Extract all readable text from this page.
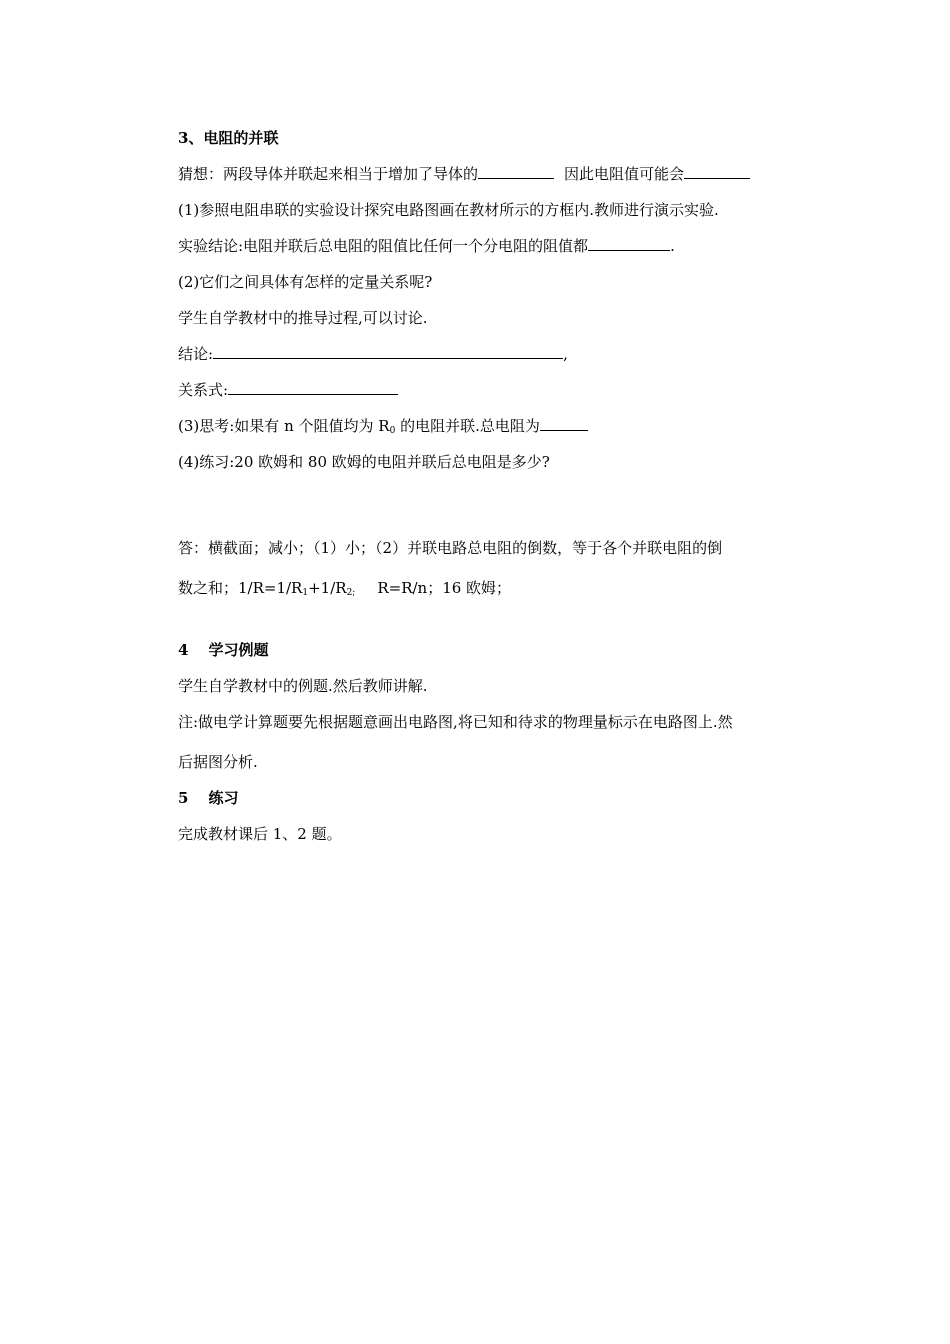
3、电阻的并联
猜想：两段导体并联起来相当于增加了导体的	因此电阻值可能会
(1)参照电阻串联的实验设计探究电路图画在教材所示的方框内.教师进行演示实验.
实验结论:电阻并联后总电阻的阻值比任何一个分电阻的阻值都	.
(2)它们之间具体有怎样的定量关系呢?
学生自学教材中的推导过程,可以讨论.
结论:	,
关系式:
(3)思考:如果有 n 个阻值均为 $R_0$ 的电阻并联.总电阻为
(4)练习:20 欧姆和 80 欧姆的电阻并联后总电阻是多少?
答：横截面；减小；（1）小；（2）并联电路总电阻的倒数，等于各个并联电阻的倒
数之和；$1/R=1/R_1+1/R_{2;}$ R=R/n；16 欧姆；
4 学习例题
学生自学教材中的例题.然后教师讲解.
注:做电学计算题要先根据题意画出电路图,将已知和待求的物理量标示在电路图上.然
后据图分析.
5 练习
完成教材课后 1、2 题。
